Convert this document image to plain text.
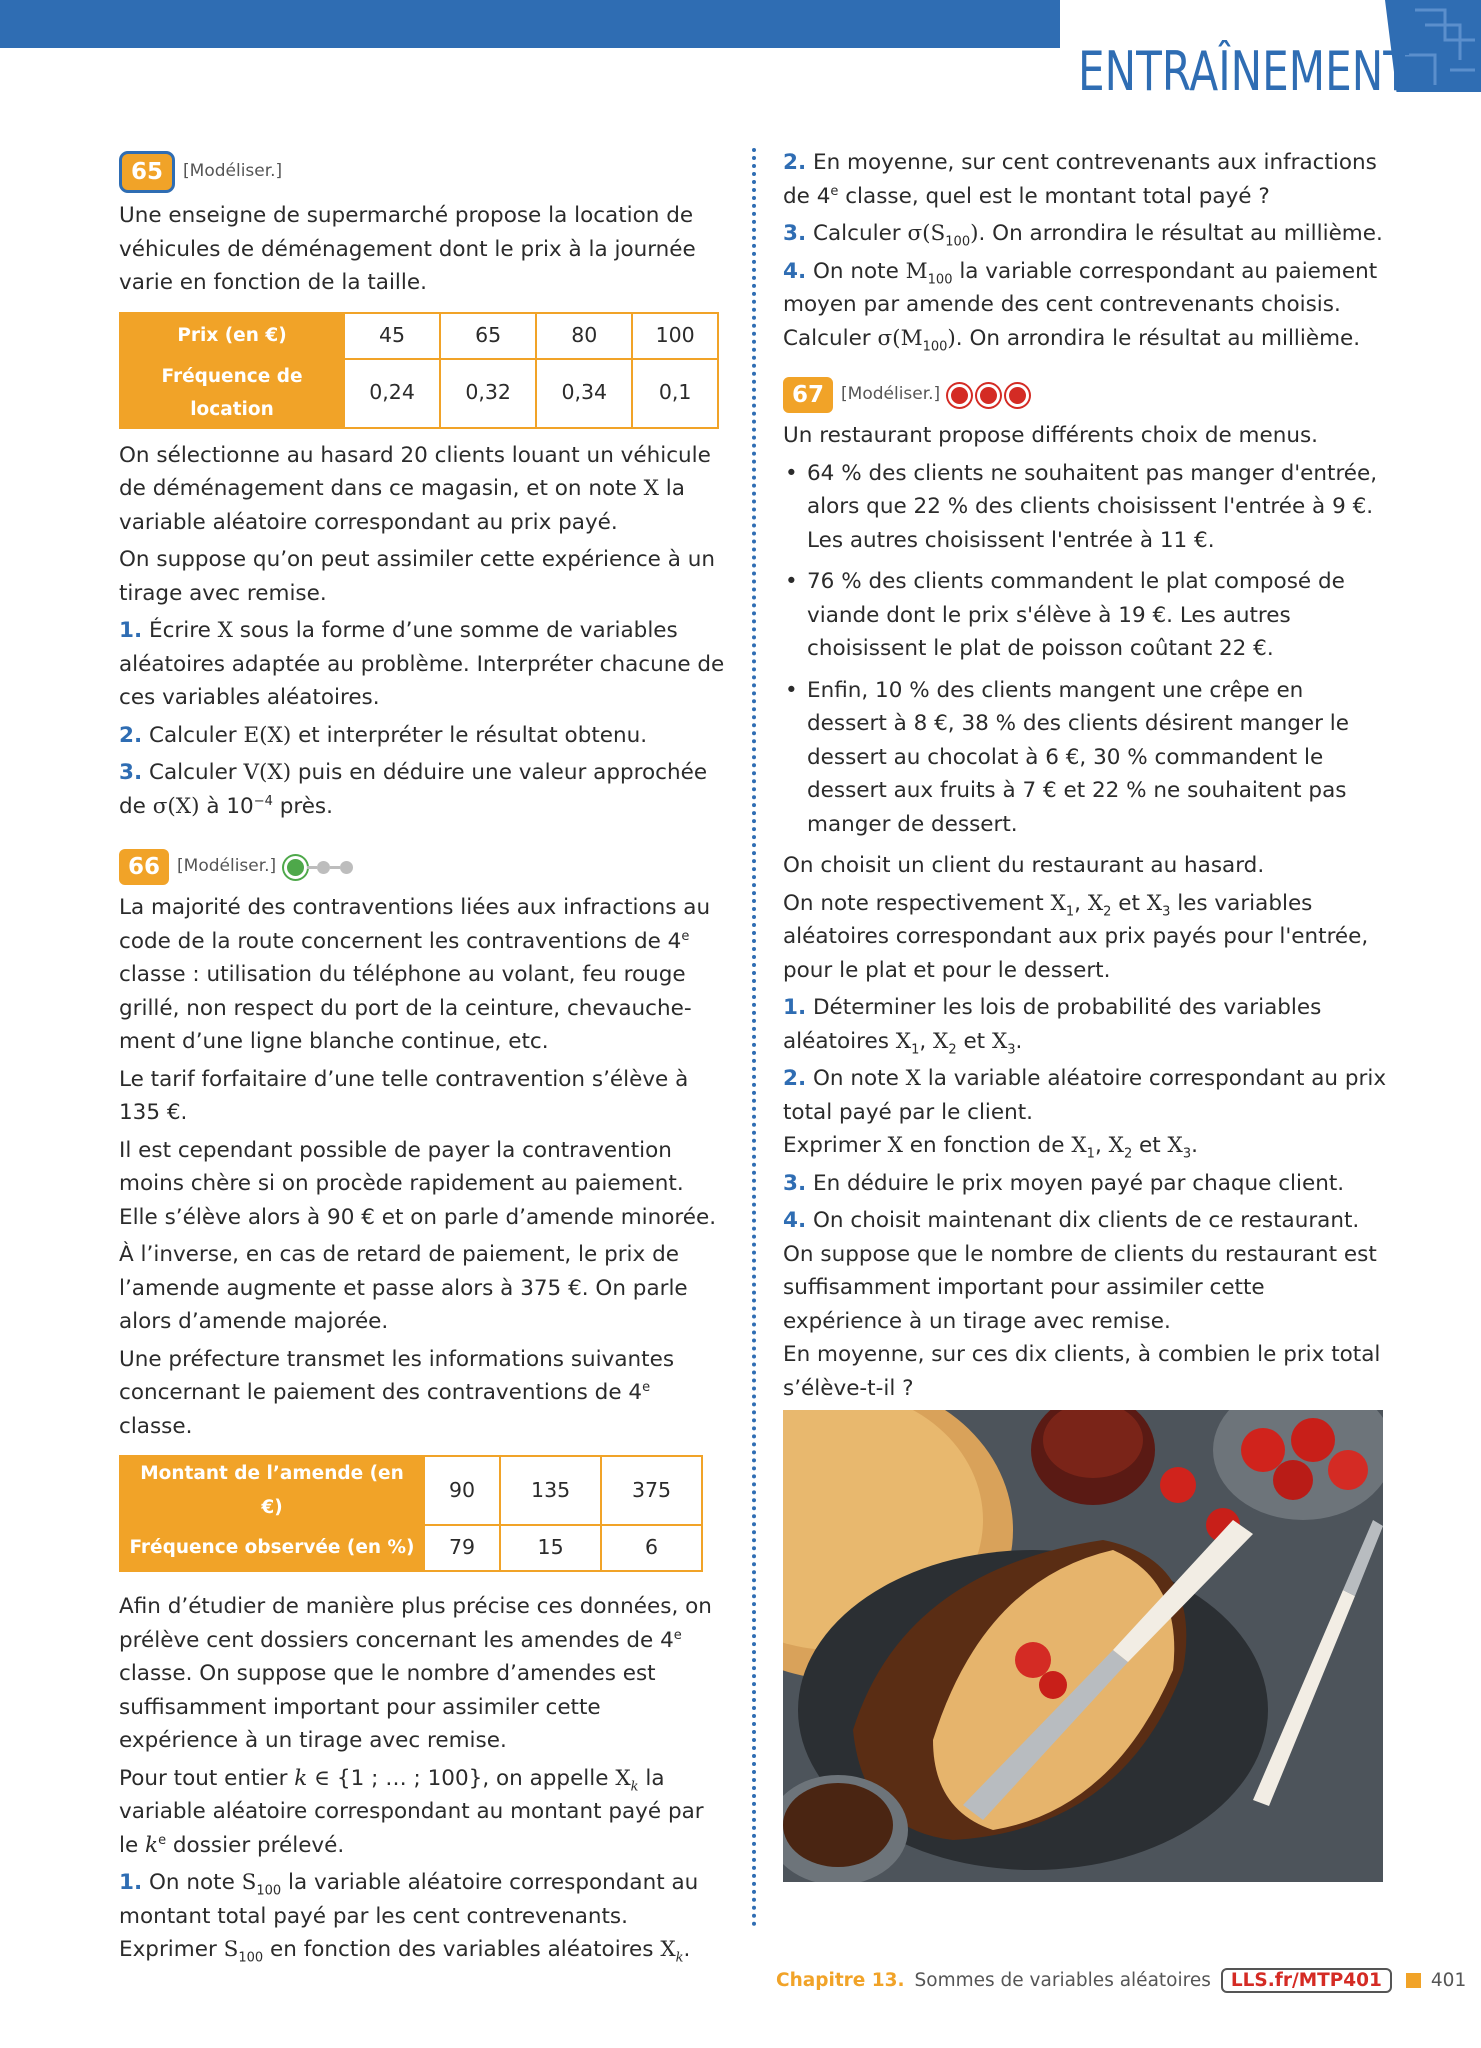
ENTRAÎNEMENT
65	[Modéliser.]

Une enseigne de supermarché propose la location de véhicules de déménagement dont le prix à la journée varie en fonction de la taille.

Prix (en €)	45	65	80	100
Fréquence de location	0,24	0,32	0,34	0,1

On sélectionne au hasard 20 clients louant un véhicule de déménagement dans ce magasin, et on note X la variable aléatoire correspondant au prix payé.

On suppose qu’on peut assimiler cette expérience à un tirage avec remise.

1. Écrire X sous la forme d’une somme de variables aléatoires adaptée au problème. Interpréter chacune de ces variables aléatoires.

2. Calculer E(X) et interpréter le résultat obtenu.

3. Calculer V(X) puis en déduire une valeur approchée de σ(X) à $10^{-4}$ près.

66	[Modéliser.]

La majorité des contraventions liées aux infractions au code de la route concernent les contraventions de 4e classe : utilisation du téléphone au volant, feu rouge grillé, non respect du port de la ceinture, chevauchement d’une ligne blanche continue, etc.

Le tarif forfaitaire d’une telle contravention s’élève à 135 €.

Il est cependant possible de payer la contravention moins chère si on procède rapidement au paiement. Elle s’élève alors à 90 € et on parle d’amende minorée.

À l’inverse, en cas de retard de paiement, le prix de l’amende augmente et passe alors à 375 €. On parle alors d’amende majorée.

Une préfecture transmet les informations suivantes concernant le paiement des contraventions de 4e classe.

Montant de l’amende (en €)	90	135	375
Fréquence observée (en %)	79	15	6

Afin d’étudier de manière plus précise ces données, on prélève cent dossiers concernant les amendes de 4e classe. On suppose que le nombre d’amendes est suffisamment important pour assimiler cette expérience à un tirage avec remise.

Pour tout entier k ∈ {1 ; … ; 100}, on appelle $X_k$ la variable aléatoire correspondant au montant payé par le $k^e$ dossier prélevé.

1. On note $S_{100}$ la variable aléatoire correspondant au montant total payé par les cent contrevenants.
Exprimer $S_{100}$ en fonction des variables aléatoires $X_k$.

2. En moyenne, sur cent contrevenants aux infractions de 4e classe, quel est le montant total payé ?

3. Calculer $\sigma(S_{100})$. On arrondira le résultat au millième.

4. On note $M_{100}$ la variable correspondant au paiement moyen par amende des cent contrevenants choisis.
Calculer $\sigma(M_{100})$. On arrondira le résultat au millième.

67	[Modéliser.]

Un restaurant propose différents choix de menus.

• 64 % des clients ne souhaitent pas manger d'entrée, alors que 22 % des clients choisissent l'entrée à 9 €. Les autres choisissent l'entrée à 11 €.
• 76 % des clients commandent le plat composé de viande dont le prix s'élève à 19 €. Les autres choisissent le plat de poisson coûtant 22 €.
• Enfin, 10 % des clients mangent une crêpe en dessert à 8 €, 38 % des clients désirent manger le dessert au chocolat à 6 €, 30 % commandent le dessert aux fruits à 7 € et 22 % ne souhaitent pas manger de dessert.

On choisit un client du restaurant au hasard.

On note respectivement $X_1$, $X_2$ et $X_3$ les variables aléatoires correspondant aux prix payés pour l'entrée, pour le plat et pour le dessert.

1. Déterminer les lois de probabilité des variables aléatoires $X_1$, $X_2$ et $X_3$.

2. On note X la variable aléatoire correspondant au prix total payé par le client.
Exprimer X en fonction de $X_1$, $X_2$ et $X_3$.

3. En déduire le prix moyen payé par chaque client.

4. On choisit maintenant dix clients de ce restaurant.
On suppose que le nombre de clients du restaurant est suffisamment important pour assimiler cette expérience à un tirage avec remise.
En moyenne, sur ces dix clients, à combien le prix total s’élève-t-il ?

Chapitre 13. Sommes de variables aléatoires	LLS.fr/MTP401	401
